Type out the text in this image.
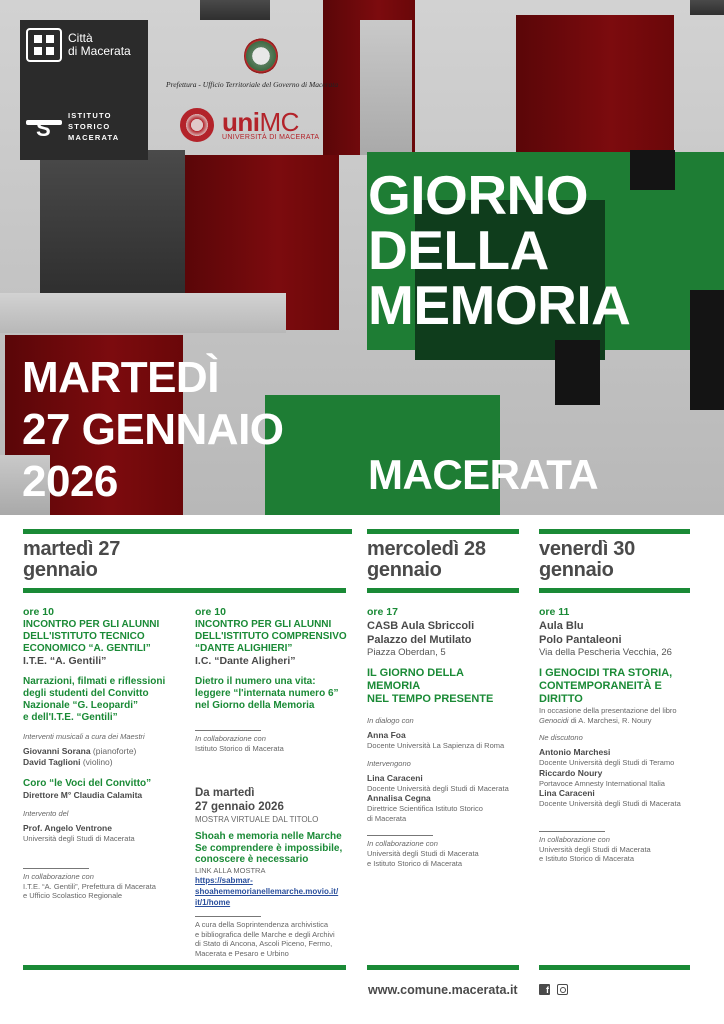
Città
di Macerata
S
ISTITUTO
STORICO
MACERATA
Prefettura - Ufficio Territoriale del Governo di Macerata
uniMC
UNIVERSITÀ DI MACERATA
GIORNO
DELLA
MEMORIA
MARTEDÌ
27 GENNAIO
2026	MACERATA
martedì 27
gennaio
mercoledì 28
gennaio
venerdì 30
gennaio
ore 10
INCONTRO PER GLI ALUNNI
DELL'ISTITUTO TECNICO
ECONOMICO “A. GENTILI”
I.T.E. “A. Gentili”
Narrazioni, filmati e riflessioni
degli studenti del Convitto
Nazionale “G. Leopardi”
e dell'I.T.E. “Gentili”
Interventi musicali a cura dei Maestri
Giovanni Sorana (pianoforte)
David Taglioni (violino)
Coro “le Voci del Convitto”
Direttore M° Claudia Calamita
Intervento del
Prof. Angelo Ventrone
Università degli Studi di Macerata
In collaborazione con
I.T.E. “A. Gentili”, Prefettura di Macerata
e Ufficio Scolastico Regionale
ore 10
INCONTRO PER GLI ALUNNI
DELL'ISTITUTO COMPRENSIVO
“DANTE ALIGHIERI”
I.C. “Dante Aligheri”
Dietro il numero una vita:
leggere “l'internata numero 6”
nel Giorno della Memoria
In collaborazione con
Istituto Storico di Macerata
Da martedì
27 gennaio 2026
MOSTRA VIRTUALE DAL TITOLO
Shoah e memoria nelle Marche
Se comprendere è impossibile,
conoscere è necessario
LINK ALLA MOSTRA
https://sabmar-
shoahememorianellemarche.movio.it/
it/1/home
A cura della Soprintendenza archivistica
e bibliografica delle Marche e degli Archivi
di Stato di Ancona, Ascoli Piceno, Fermo,
Macerata e Pesaro e Urbino
ore 17
CASB Aula Sbriccoli
Palazzo del Mutilato
Piazza Oberdan, 5
IL GIORNO DELLA
MEMORIA
NEL TEMPO PRESENTE
In dialogo con
Anna Foa
Docente Università La Sapienza di Roma
Intervengono
Lina Caraceni
Docente Università degli Studi di Macerata
Annalisa Cegna
Direttrice Scientifica Istituto Storico
di Macerata
In collaborazione con
Università degli Studi di Macerata
e Istituto Storico di Macerata
ore 11
Aula Blu
Polo Pantaleoni
Via della Pescheria Vecchia, 26
I GENOCIDI TRA STORIA,
CONTEMPORANEITÀ E
DIRITTO
In occasione della presentazione del libro
Genocidi di A. Marchesi, R. Noury
Ne discutono
Antonio Marchesi
Docente Università degli Studi di Teramo
Riccardo Noury
Portavoce Amnesty International Italia
Lina Caraceni
Docente Università degli Studi di Macerata
In collaborazione con
Università degli Studi di Macerata
e Istituto Storico di Macerata
www.comune.macerata.it	f
